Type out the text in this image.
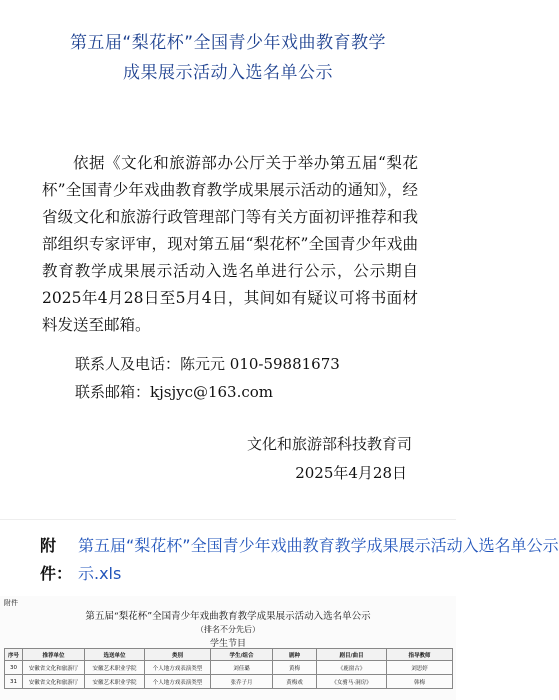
第五届“梨花杯”全国青少年戏曲教育教学
成果展示活动入选名单公示
依据《文化和旅游部办公厅关于举办第五届“梨花杯”全国青少年戏曲教育教学成果展示活动的通知》，经省级文化和旅游行政管理部门等有关方面初评推荐和我部组织专家评审，现对第五届“梨花杯”全国青少年戏曲教育教学成果展示活动入选名单进行公示，公示期自2025年4月28日至5月4日，其间如有疑议可将书面材料发送至邮箱。
联系人及电话：陈元元 010-59881673
联系邮箱：kjsjyc@163.com
文化和旅游部科技教育司
2025年4月28日
附件：
第五届“梨花杯”全国青少年戏曲教育教学成果展示活动入选名单公示
示.xls
附件
第五届“梨花杯”全国青少年戏曲教育教学成果展示活动入选名单公示
（排名不分先后）
学生节目
序号	推荐单位	选送单位	类别	学生/组合	剧种	剧目/曲目	指导教师
30	安徽省文化和旅游厅	安徽艺术职业学院	个人地方戏表演类型	刘佳璐	黄梅	《鹿窗古》	刘思婷
31	安徽省文化和旅游厅	安徽艺术职业学院	个人地方戏表演类型	张乔子月	黄梅戏	《女驸马·洞房》	韩梅
